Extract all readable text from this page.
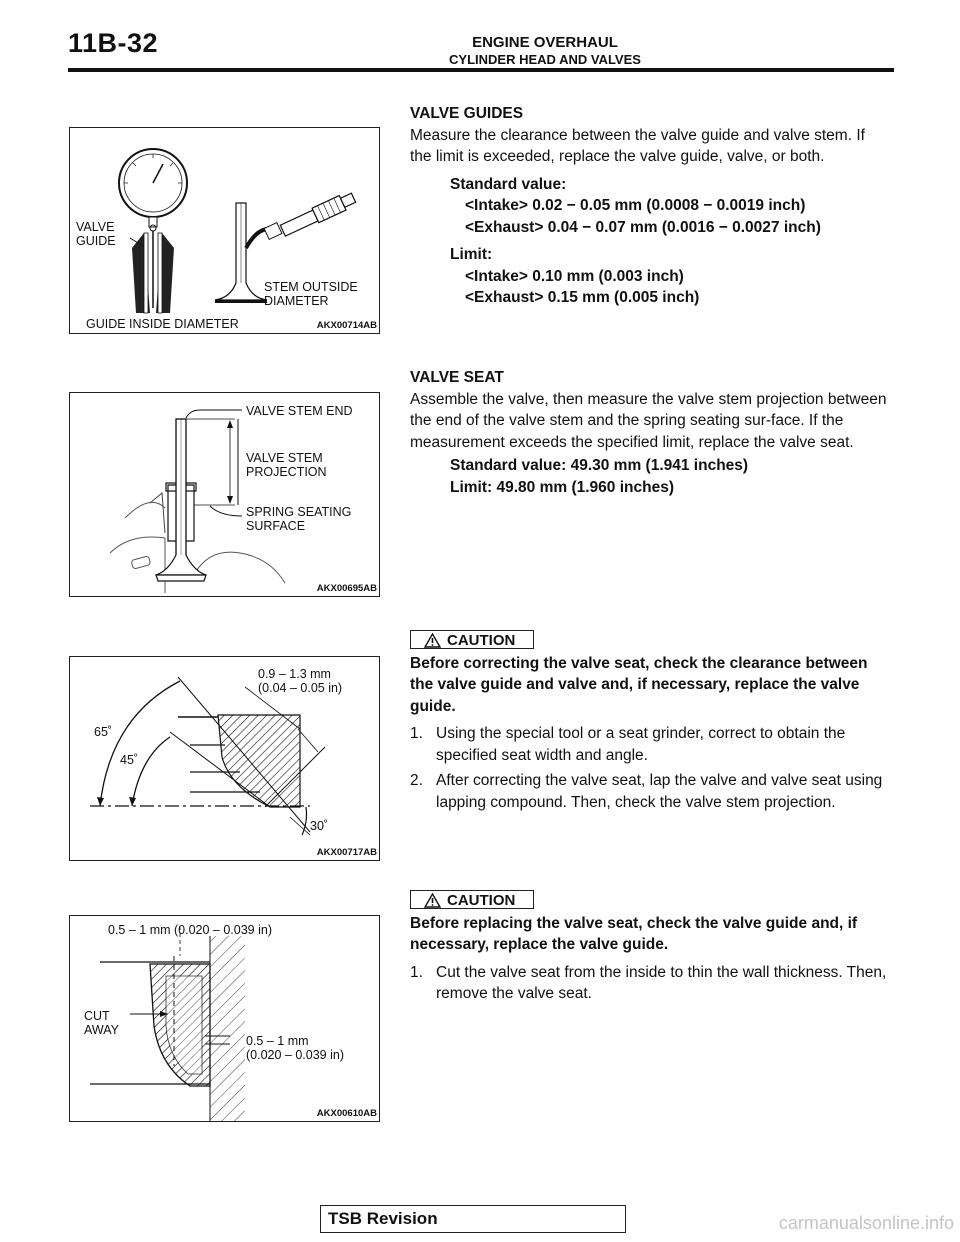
11B-32	ENGINE OVERHAUL
CYLINDER HEAD AND VALVES
VALVE
GUIDE
STEM OUTSIDE
DIAMETER
GUIDE INSIDE DIAMETER	AKX00714AB
VALVE STEM END
VALVE STEM
PROJECTION
SPRING SEATING
SURFACE
AKX00695AB
0.9 – 1.3 mm
(0.04 – 0.05 in)
65˚
45˚
30˚
AKX00717AB
0.5 – 1 mm (0.020 – 0.039 in)
CUT
AWAY
0.5 – 1 mm
(0.020 – 0.039 in)
AKX00610AB
VALVE GUIDES

Measure the clearance between the valve guide and valve stem. If the limit is exceeded, replace the valve guide, valve, or both.

Standard value:

<Intake> 0.02 − 0.05 mm (0.0008 − 0.0019 inch)

<Exhaust> 0.04 − 0.07 mm (0.0016 − 0.0027 inch)

Limit:

<Intake> 0.10 mm (0.003 inch)

<Exhaust> 0.15 mm (0.005 inch)

VALVE SEAT

Assemble the valve, then measure the valve stem projection between the end of the valve stem and the spring seating sur-face. If the measurement exceeds the specified limit, replace the valve seat.

Standard value: 49.30 mm (1.941 inches)

Limit: 49.80 mm (1.960 inches)

CAUTION

Before correcting the valve seat, check the clearance between the valve guide and valve and, if necessary, replace the valve guide.

1. Using the special tool or a seat grinder, correct to obtain the specified seat width and angle.
2. After correcting the valve seat, lap the valve and valve seat using lapping compound. Then, check the valve stem projection.
CAUTION

Before replacing the valve seat, check the valve guide and, if necessary, replace the valve guide.

1. Cut the valve seat from the inside to thin the wall thickness. Then, remove the valve seat.
TSB Revision	carmanualsonline.info
